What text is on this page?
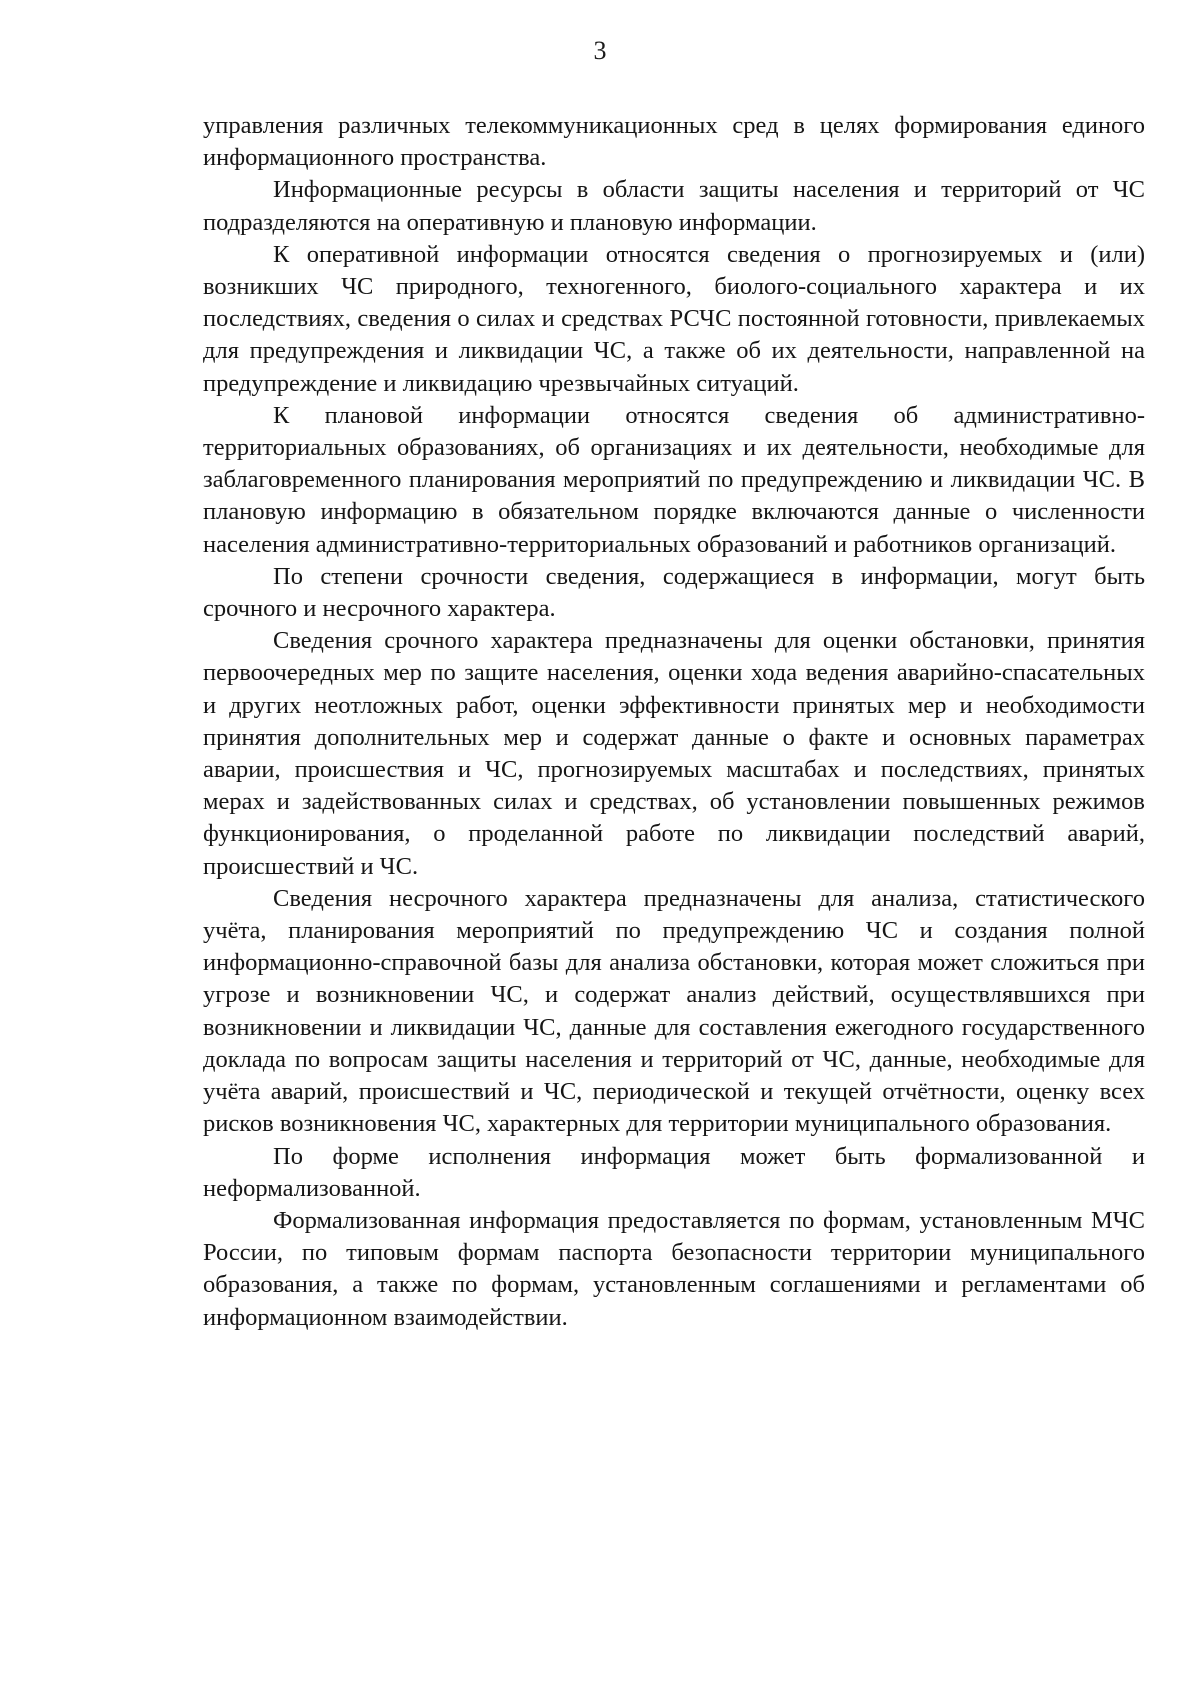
3

управления различных телекоммуникационных сред в целях формирования единого информационного пространства.

Информационные ресурсы в области защиты населения и территорий от ЧС подразделяются на оперативную и плановую информации.

К оперативной информации относятся сведения о прогнозируемых и (или) возникших ЧС природного, техногенного, биолого-социального характера и их последствиях, сведения о силах и средствах РСЧС постоянной готовности, привлекаемых для предупреждения и ликвидации ЧС, а также об их деятельности, направленной на предупреждение и ликвидацию чрезвычайных ситуаций.

К плановой информации относятся сведения об административно-территориальных образованиях, об организациях и их деятельности, необходимые для заблаговременного планирования мероприятий по предупреждению и ликвидации ЧС. В плановую информацию в обязательном порядке включаются данные о численности населения административно-территориальных образований и работников организаций.

По степени срочности сведения, содержащиеся в информации, могут быть срочного и несрочного характера.

Сведения срочного характера предназначены для оценки обстановки, принятия первоочередных мер по защите населения, оценки хода ведения аварийно-спасательных и других неотложных работ, оценки эффективности принятых мер и необходимости принятия дополнительных мер и содержат данные о факте и основных параметрах аварии, происшествия и ЧС, прогнозируемых масштабах и последствиях, принятых мерах и задействованных силах и средствах, об установлении повышенных режимов функционирования, о проделанной работе по ликвидации последствий аварий, происшествий и ЧС.

Сведения несрочного характера предназначены для анализа, статистического учёта, планирования мероприятий по предупреждению ЧС и создания полной информационно-справочной базы для анализа обстановки, которая может сложиться при угрозе и возникновении ЧС, и содержат анализ действий, осуществлявшихся при возникновении и ликвидации ЧС, данные для составления ежегодного государственного доклада по вопросам защиты населения и территорий от ЧС, данные, необходимые для учёта аварий, происшествий и ЧС, периодической и текущей отчётности, оценку всех рисков возникновения ЧС, характерных для территории муниципального образования.

По форме исполнения информация может быть формализованной и неформализованной.

Формализованная информация предоставляется по формам, установленным МЧС России, по типовым формам паспорта безопасности территории муниципального образования, а также по формам, установленным соглашениями и регламентами об информационном взаимодействии.
